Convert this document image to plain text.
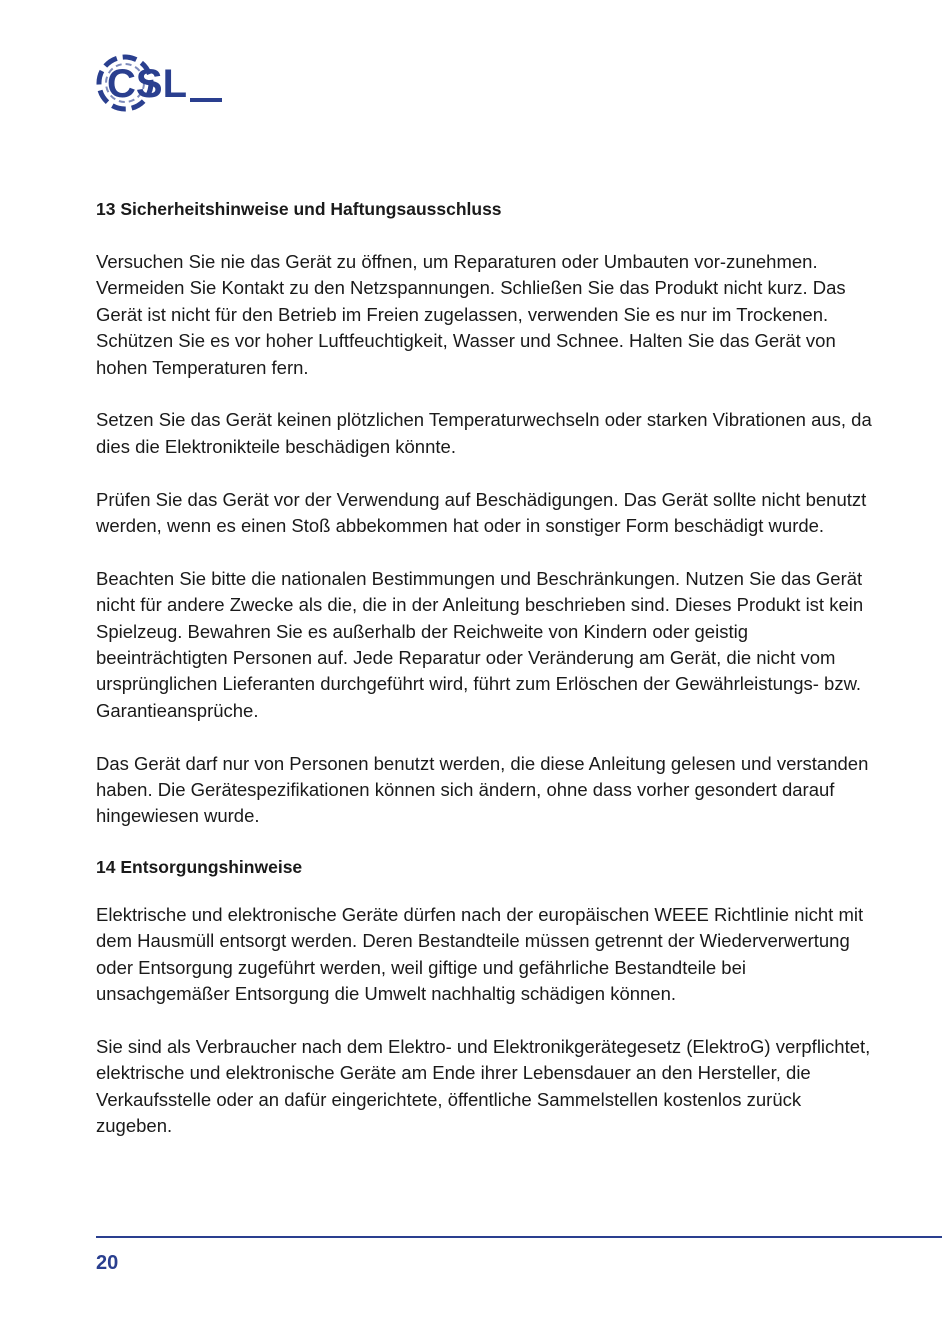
CSL
13 Sicherheitshinweise und Haftungsausschluss

Versuchen Sie nie das Gerät zu öffnen, um Reparaturen oder Umbauten vor-zunehmen. Vermeiden Sie Kontakt zu den Netzspannungen. Schließen Sie das Produkt nicht kurz. Das Gerät ist nicht für den Betrieb im Freien zugelassen, verwenden Sie es nur im Trockenen. Schützen Sie es vor hoher Luftfeuchtigkeit, Wasser und Schnee. Halten Sie das Gerät von hohen Temperaturen fern.

Setzen Sie das Gerät keinen plötzlichen Temperaturwechseln oder starken Vibrationen aus, da dies die Elektronikteile beschädigen könnte.

Prüfen Sie das Gerät vor der Verwendung auf Beschädigungen. Das Gerät sollte nicht benutzt werden, wenn es einen Stoß abbekommen hat oder in sonstiger Form beschädigt wurde.

Beachten Sie bitte die nationalen Bestimmungen und Beschränkungen. Nutzen Sie das Gerät nicht für andere Zwecke als die, die in der Anleitung beschrieben sind. Dieses Produkt ist kein Spielzeug. Bewahren Sie es außerhalb der Reichweite von Kindern oder geistig beeinträchtigten Personen auf. Jede Reparatur oder Veränderung am Gerät, die nicht vom ursprünglichen Lieferanten durchgeführt wird, führt zum Erlöschen der Gewährleistungs- bzw. Garantieansprüche.

Das Gerät darf nur von Personen benutzt werden, die diese Anleitung gelesen und verstanden haben. Die Gerätespezifikationen können sich ändern, ohne dass vorher gesondert darauf hingewiesen wurde.

14 Entsorgungshinweise

Elektrische und elektronische Geräte dürfen nach der europäischen WEEE Richtlinie nicht mit dem Hausmüll entsorgt werden. Deren Bestandteile müssen getrennt der Wiederverwertung oder Entsorgung zugeführt werden, weil giftige und gefährliche Bestandteile bei unsachgemäßer Entsorgung die Umwelt nachhaltig schädigen können.

Sie sind als Verbraucher nach dem Elektro- und Elektronikgerätegesetz (ElektroG) verpflichtet, elektrische und elektronische Geräte am Ende ihrer Lebensdauer an den Hersteller, die Verkaufsstelle oder an dafür eingerichtete, öffentliche Sammelstellen kostenlos zurück zugeben.

20
